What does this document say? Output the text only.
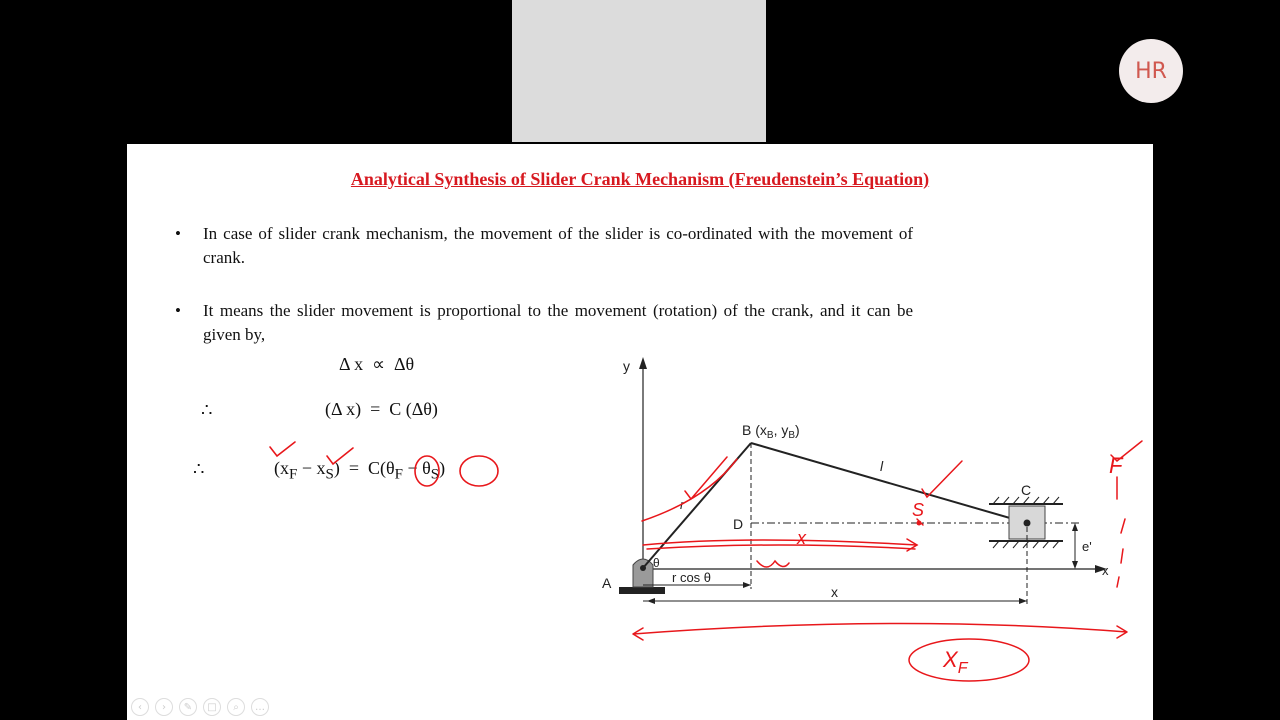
HR
Analytical Synthesis of Slider Crank Mechanism (Freudenstein’s Equation)
• In case of slider crank mechanism, the movement of the slider is co-ordinated with the movement of crank.
• It means the slider movement is proportional to the movement (rotation) of the crank, and it can be given by,
Δ x  ∝  Δθ
∴	(Δ x)  =  C (Δθ)
∴	$(x_F - x_S) = C(\theta_F - \theta_S)$
y
x
A
r
B ($x_B$, $y_B$)
l
D
θ
C
e'
r cos θ
x
S
x
$X_F$
F
‹	›	✎	□	⌕	…
